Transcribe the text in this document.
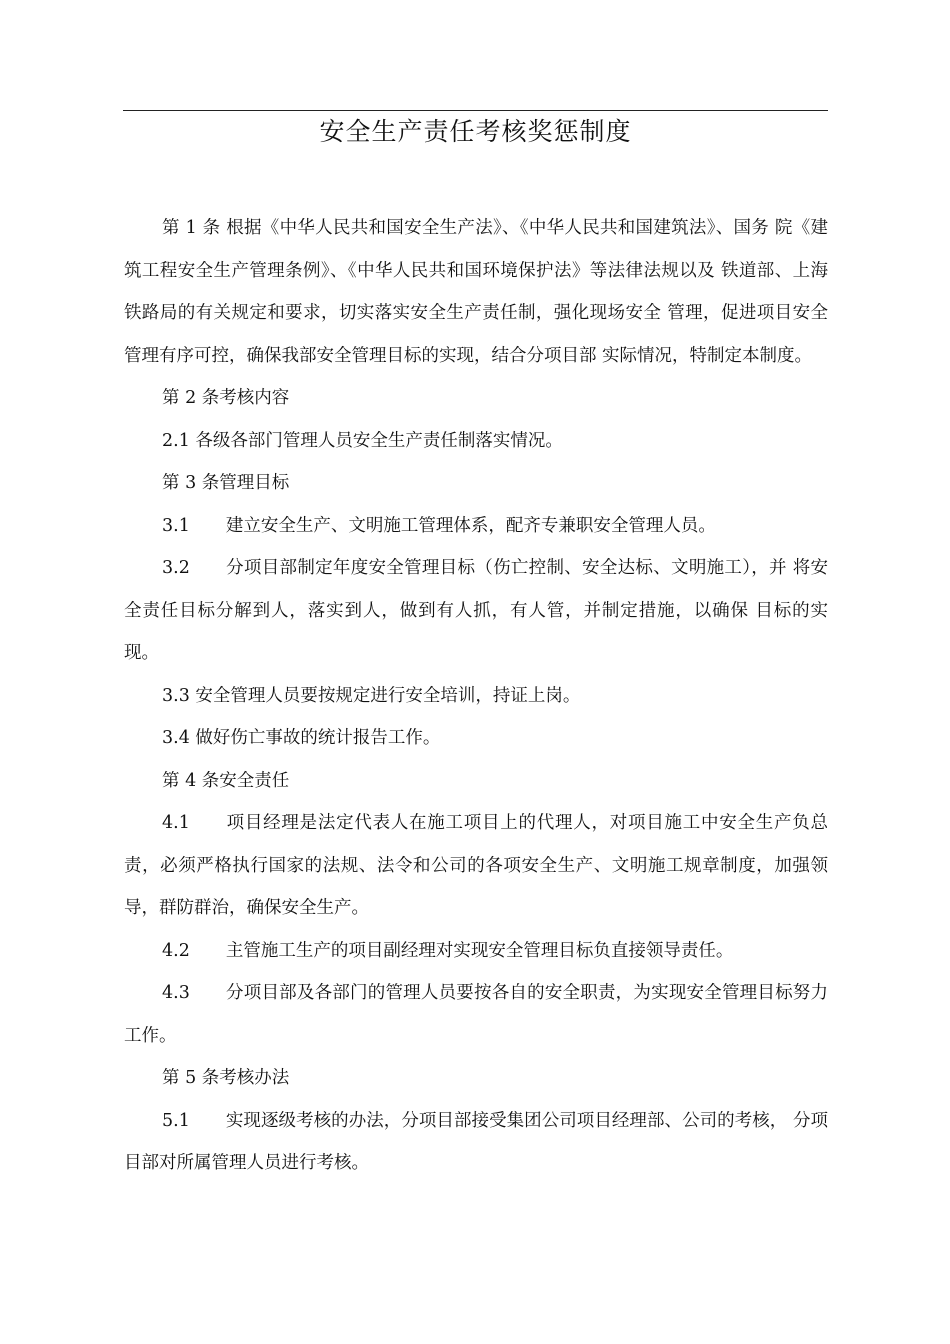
安全生产责任考核奖惩制度

第 1 条 根据《中华人民共和国安全生产法》、《中华人民共和国建筑法》、国务 院《建筑工程安全生产管理条例》、《中华人民共和国环境保护法》等法律法规以及 铁道部、上海铁路局的有关规定和要求，切实落实安全生产责任制，强化现场安全 管理，促进项目安全管理有序可控，确保我部安全管理目标的实现，结合分项目部 实际情况，特制定本制度。

第 2 条考核内容

2.1 各级各部门管理人员安全生产责任制落实情况。

第 3 条管理目标

3.1 建立安全生产、文明施工管理体系，配齐专兼职安全管理人员。

3.2 分项目部制定年度安全管理目标（伤亡控制、安全达标、文明施工），并 将安全责任目标分解到人，落实到人，做到有人抓，有人管，并制定措施，以确保 目标的实现。

3.3 安全管理人员要按规定进行安全培训，持证上岗。

3.4 做好伤亡事故的统计报告工作。

第 4 条安全责任

4.1 项目经理是法定代表人在施工项目上的代理人，对项目施工中安全生产负总责，必须严格执行国家的法规、法令和公司的各项安全生产、文明施工规章制度，加强领导，群防群治，确保安全生产。

4.2 主管施工生产的项目副经理对实现安全管理目标负直接领导责任。

4.3 分项目部及各部门的管理人员要按各自的安全职责，为实现安全管理目标努力工作。

第 5 条考核办法

5.1 实现逐级考核的办法，分项目部接受集团公司项目经理部、公司的考核， 分项目部对所属管理人员进行考核。
